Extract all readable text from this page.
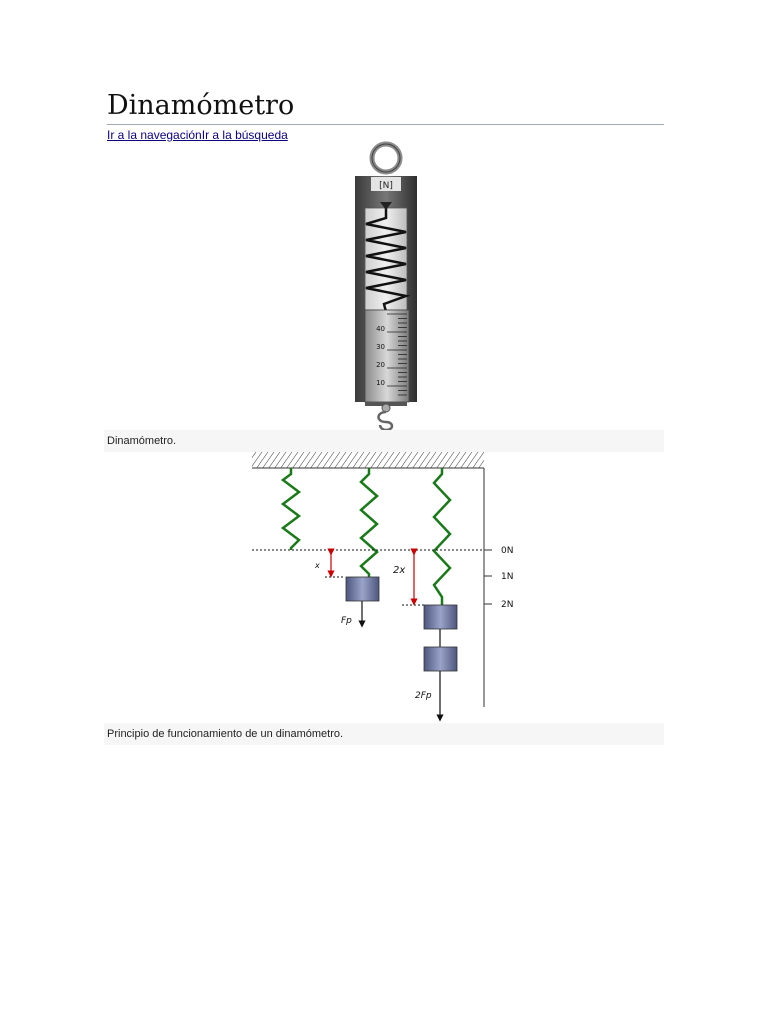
Dinamómetro
Ir a la navegaciónIr a la búsqueda
[N]
40
30
20
10
Dinamómetro.
x	2x
Fp
2Fp
0N
1N
2N
Principio de funcionamiento de un dinamómetro.
